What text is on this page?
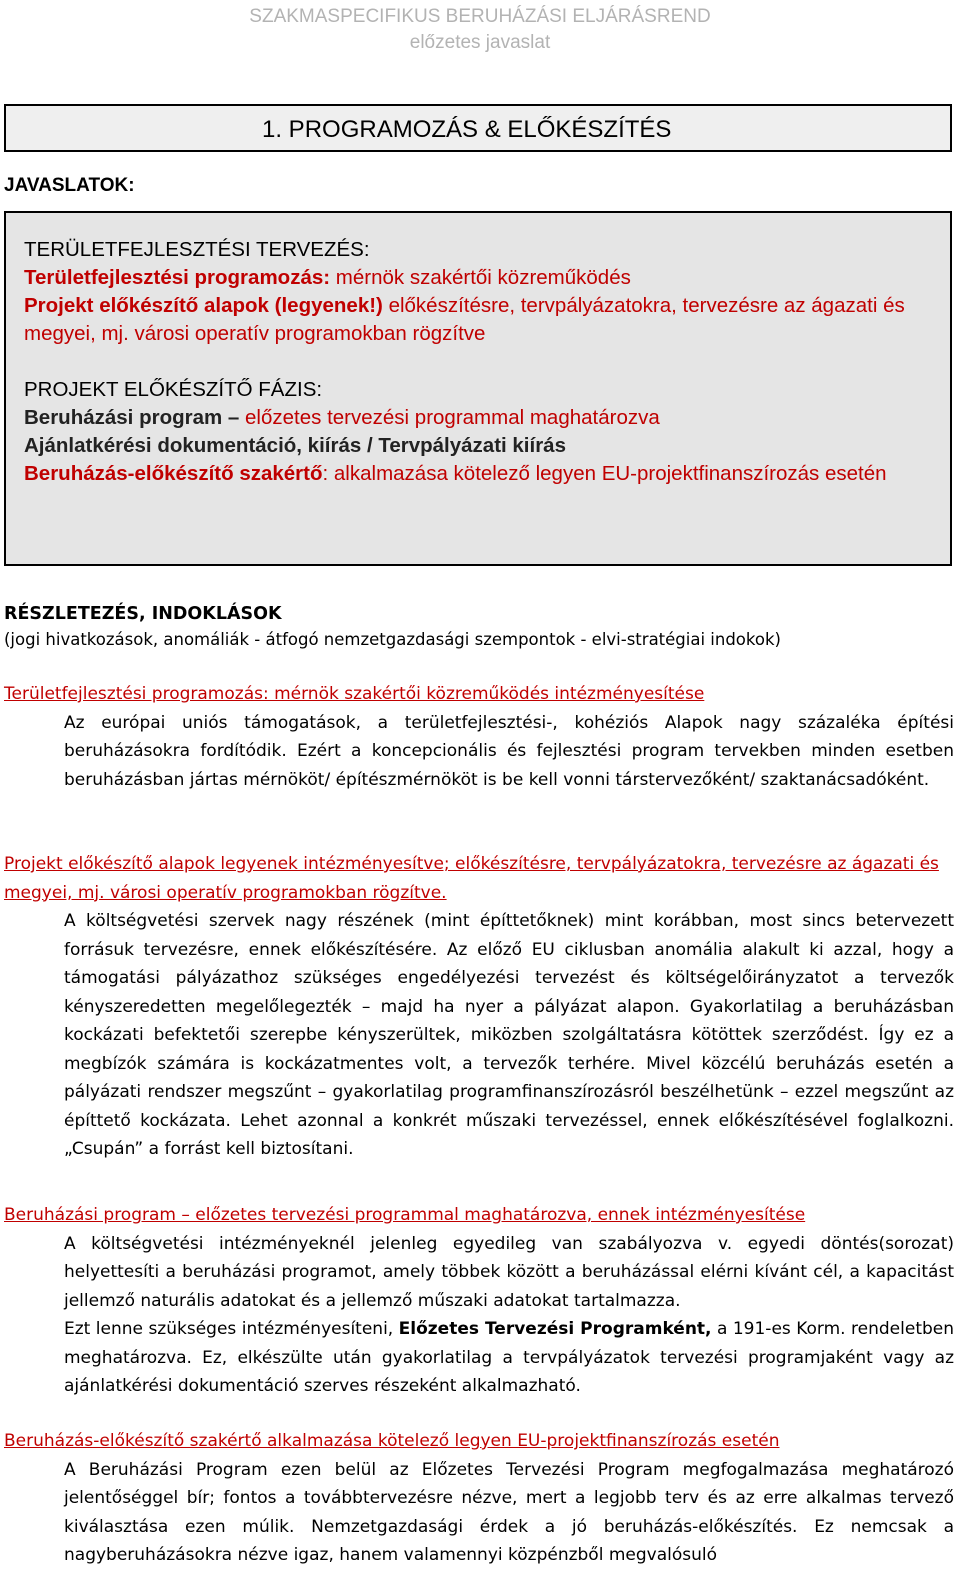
SZAKMASPECIFIKUS BERUHÁZÁSI ELJÁRÁSREND
előzetes javaslat
1. PROGRAMOZÁS & ELŐKÉSZÍTÉS
JAVASLATOK:
TERÜLETFEJLESZTÉSI TERVEZÉS:
Területfejlesztési programozás: mérnök szakértői közreműködés
Projekt előkészítő alapok (legyenek!) előkészítésre, tervpályázatokra, tervezésre az ágazati és megyei, mj. városi operatív programokban rögzítve
PROJEKT ELŐKÉSZÍTŐ FÁZIS:
Beruházási program – előzetes tervezési programmal maghatározva
Ajánlatkérési dokumentáció, kiírás / Tervpályázati kiírás
Beruházás-előkészítő szakértő: alkalmazása kötelező legyen EU-projektfinanszírozás esetén
RÉSZLETEZÉS, INDOKLÁSOK
(jogi hivatkozások, anomáliák - átfogó nemzetgazdasági szempontok - elvi-stratégiai indokok)
Területfejlesztési programozás: mérnök szakértői közreműködés intézményesítése
Az európai uniós támogatások, a területfejlesztési-, kohéziós Alapok nagy százaléka építési beruházásokra fordítódik. Ezért a koncepcionális és fejlesztési program tervekben minden esetben beruházásban jártas mérnököt/ építészmérnököt is be kell vonni társtervezőként/ szaktanácsadóként.
Projekt előkészítő alapok legyenek intézményesítve; előkészítésre, tervpályázatokra, tervezésre az ágazati és megyei, mj. városi operatív programokban rögzítve.
A költségvetési szervek nagy részének (mint építtetőknek) mint korábban, most sincs betervezett forrásuk tervezésre, ennek előkészítésére. Az előző EU ciklusban anomália alakult ki azzal, hogy a támogatási pályázathoz szükséges engedélyezési tervezést és költségelőirányzatot a tervezők kényszeredetten megelőlegezték – majd ha nyer a pályázat alapon. Gyakorlatilag a beruházásban kockázati befektetői szerepbe kényszerültek, miközben szolgáltatásra kötöttek szerződést. Így ez a megbízók számára is kockázatmentes volt, a tervezők terhére. Mivel közcélú beruházás esetén a pályázati rendszer megszűnt – gyakorlatilag programfinanszírozásról beszélhetünk – ezzel megszűnt az építtető kockázata. Lehet azonnal a konkrét műszaki tervezéssel, ennek előkészítésével foglalkozni. „Csupán” a forrást kell biztosítani.
Beruházási program – előzetes tervezési programmal maghatározva, ennek intézményesítése
A költségvetési intézményeknél jelenleg egyedileg van szabályozva v. egyedi döntés(sorozat) helyettesíti a beruházási programot, amely többek között a beruházással elérni kívánt cél, a kapacitást jellemző naturális adatokat és a jellemző műszaki adatokat tartalmazza.
Ezt lenne szükséges intézményesíteni, Előzetes Tervezési Programként, a 191-es Korm. rendeletben meghatározva. Ez, elkészülte után gyakorlatilag a tervpályázatok tervezési programjaként vagy az ajánlatkérési dokumentáció szerves részeként alkalmazható.
Beruházás-előkészítő szakértő alkalmazása kötelező legyen EU-projektfinanszírozás esetén
A Beruházási Program ezen belül az Előzetes Tervezési Program megfogalmazása meghatározó jelentőséggel bír; fontos a továbbtervezésre nézve, mert a legjobb terv és az erre alkalmas tervező kiválasztása ezen múlik. Nemzetgazdasági érdek a jó beruházás-előkészítés. Ez nemcsak a nagyberuházásokra nézve igaz, hanem valamennyi közpénzből megvalósuló
